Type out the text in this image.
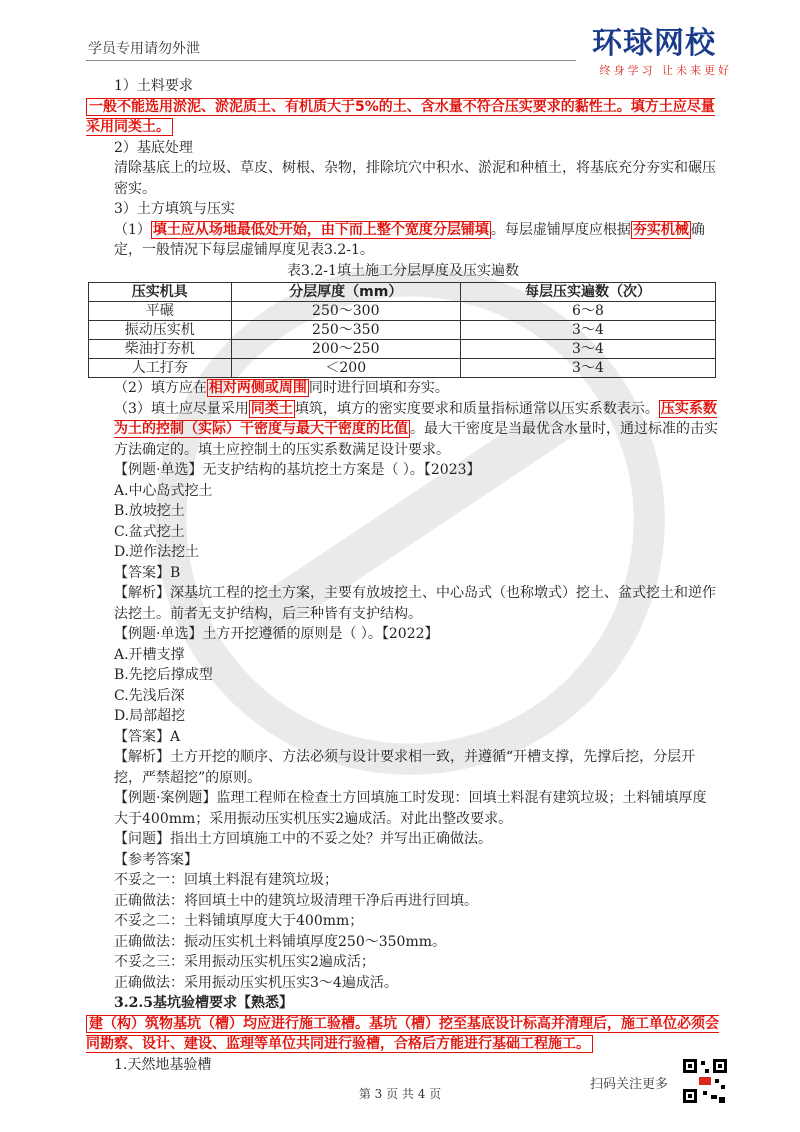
学员专用请勿外泄	环球网校
终身学习 让未来更好

1）土料要求

一般不能选用淤泥、淤泥质土、有机质大于5%的土、含水量不符合压实要求的黏性土。填方土应尽量采用同类土。

2）基底处理

清除基底上的垃圾、草皮、树根、杂物，排除坑穴中积水、淤泥和种植土，将基底充分夯实和碾压密实。

3）土方填筑与压实

（1） 填土应从场地最低处开始，由下而上整个宽度分层铺填 。每层虚铺厚度应根据 夯实机械 确定，一般情况下每层虚铺厚度见表3.2-1。

表3.2-1填土施工分层厚度及压实遍数

压实机具	分层厚度（mm）	每层压实遍数（次）
平碾	250～300	6～8
振动压实机	250～350	3～4
柴油打夯机	200～250	3～4
人工打夯	＜200	3～4

（2）填方应在 相对两侧或周围 同时进行回填和夯实。

（3）填土应尽量采用 同类土 填筑，填方的密实度要求和质量指标通常以压实系数表示。 压实系数为土的控制（实际）干密度与最大干密度的比值 。最大干密度是当最优含水量时，通过标准的击实方法确定的。填土应控制土的压实系数满足设计要求。

【例题·单选】无支护结构的基坑挖土方案是（ ）。【2023】

A.中心岛式挖土

B.放坡挖土

C.盆式挖土

D.逆作法挖土

【答案】B

【解析】深基坑工程的挖土方案，主要有放坡挖土、中心岛式（也称墩式）挖土、盆式挖土和逆作法挖土。前者无支护结构，后三种皆有支护结构。

【例题·单选】土方开挖遵循的原则是（ ）。【2022】

A.开槽支撑

B.先挖后撑成型

C.先浅后深

D.局部超挖

【答案】A

【解析】土方开挖的顺序、方法必须与设计要求相一致，并遵循“开槽支撑，先撑后挖，分层开挖，严禁超挖”的原则。

【例题·案例题】监理工程师在检查土方回填施工时发现：回填土料混有建筑垃圾；土料铺填厚度大于400mm；采用振动压实机压实2遍成活。对此出整改要求。

【问题】指出土方回填施工中的不妥之处？并写出正确做法。

【参考答案】

不妥之一：回填土料混有建筑垃圾；

正确做法：将回填土中的建筑垃圾清理干净后再进行回填。

不妥之二：土料铺填厚度大于400mm；

正确做法：振动压实机土料铺填厚度250～350mm。

不妥之三：采用振动压实机压实2遍成活；

正确做法：采用振动压实机压实3～4遍成活。

3.2.5基坑验槽要求【熟悉】

建（构）筑物基坑（槽）均应进行施工验槽。基坑（槽）挖至基底设计标高并清理后，施工单位必须会同勘察、设计、建设、监理等单位共同进行验槽，合格后方能进行基础工程施工。

1.天然地基验槽

扫码关注更多
第 3 页 共 4 页
